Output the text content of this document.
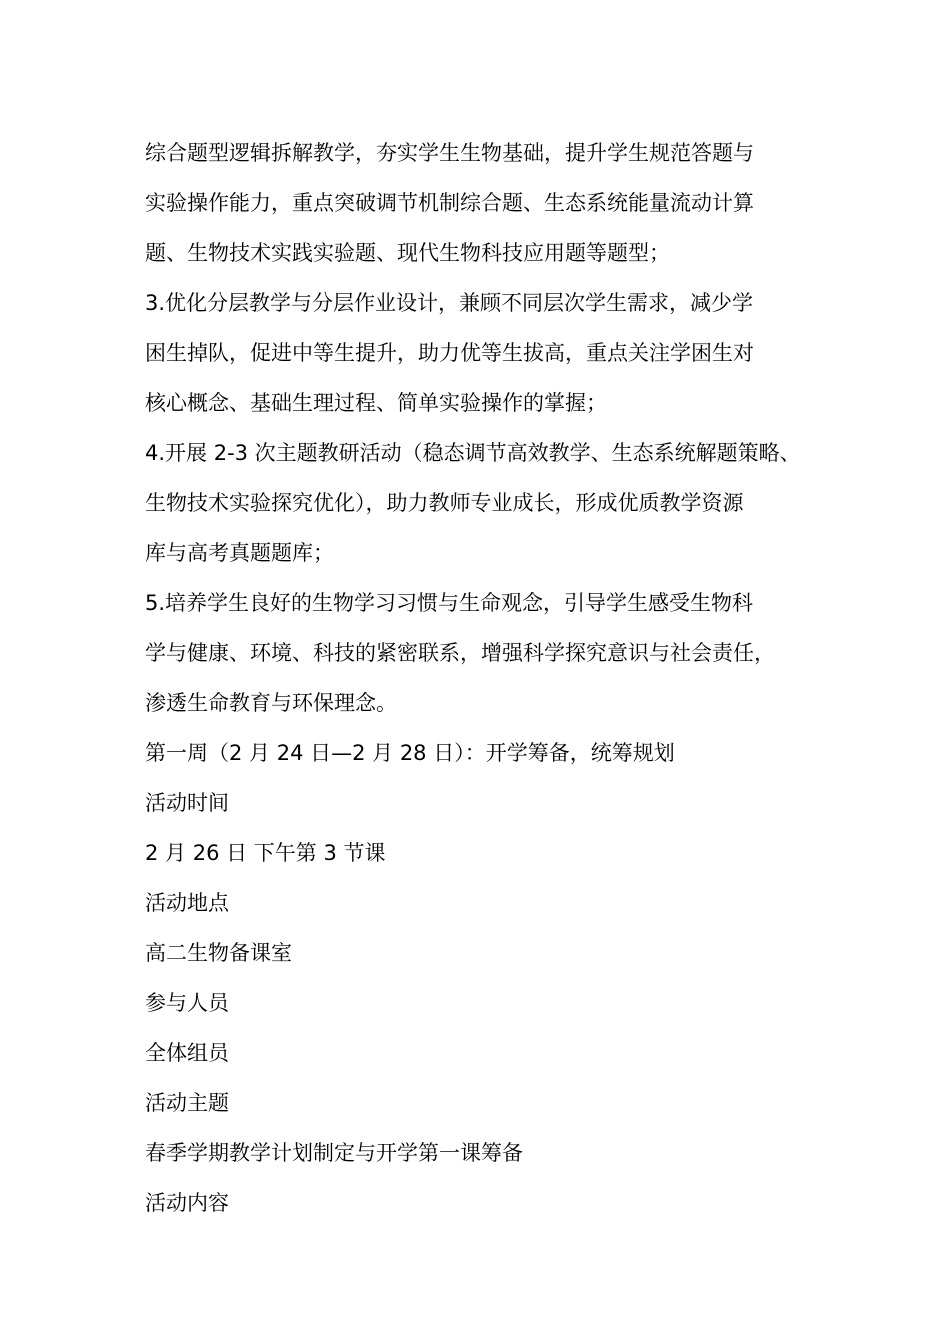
综合题型逻辑拆解教学，夯实学生生物基础，提升学生规范答题与
实验操作能力，重点突破调节机制综合题、生态系统能量流动计算
题、生物技术实践实验题、现代生物科技应用题等题型；
3.优化分层教学与分层作业设计，兼顾不同层次学生需求，减少学
困生掉队，促进中等生提升，助力优等生拔高，重点关注学困生对
核心概念、基础生理过程、简单实验操作的掌握；
4.开展 2-3 次主题教研活动（稳态调节高效教学、生态系统解题策略、
生物技术实验探究优化），助力教师专业成长，形成优质教学资源
库与高考真题题库；
5.培养学生良好的生物学习习惯与生命观念，引导学生感受生物科
学与健康、环境、科技的紧密联系，增强科学探究意识与社会责任，
渗透生命教育与环保理念。
第一周（2 月 24 日—2 月 28 日）：开学筹备，统筹规划
活动时间
2 月 26 日 下午第 3 节课
活动地点
高二生物备课室
参与人员
全体组员
活动主题
春季学期教学计划制定与开学第一课筹备
活动内容
